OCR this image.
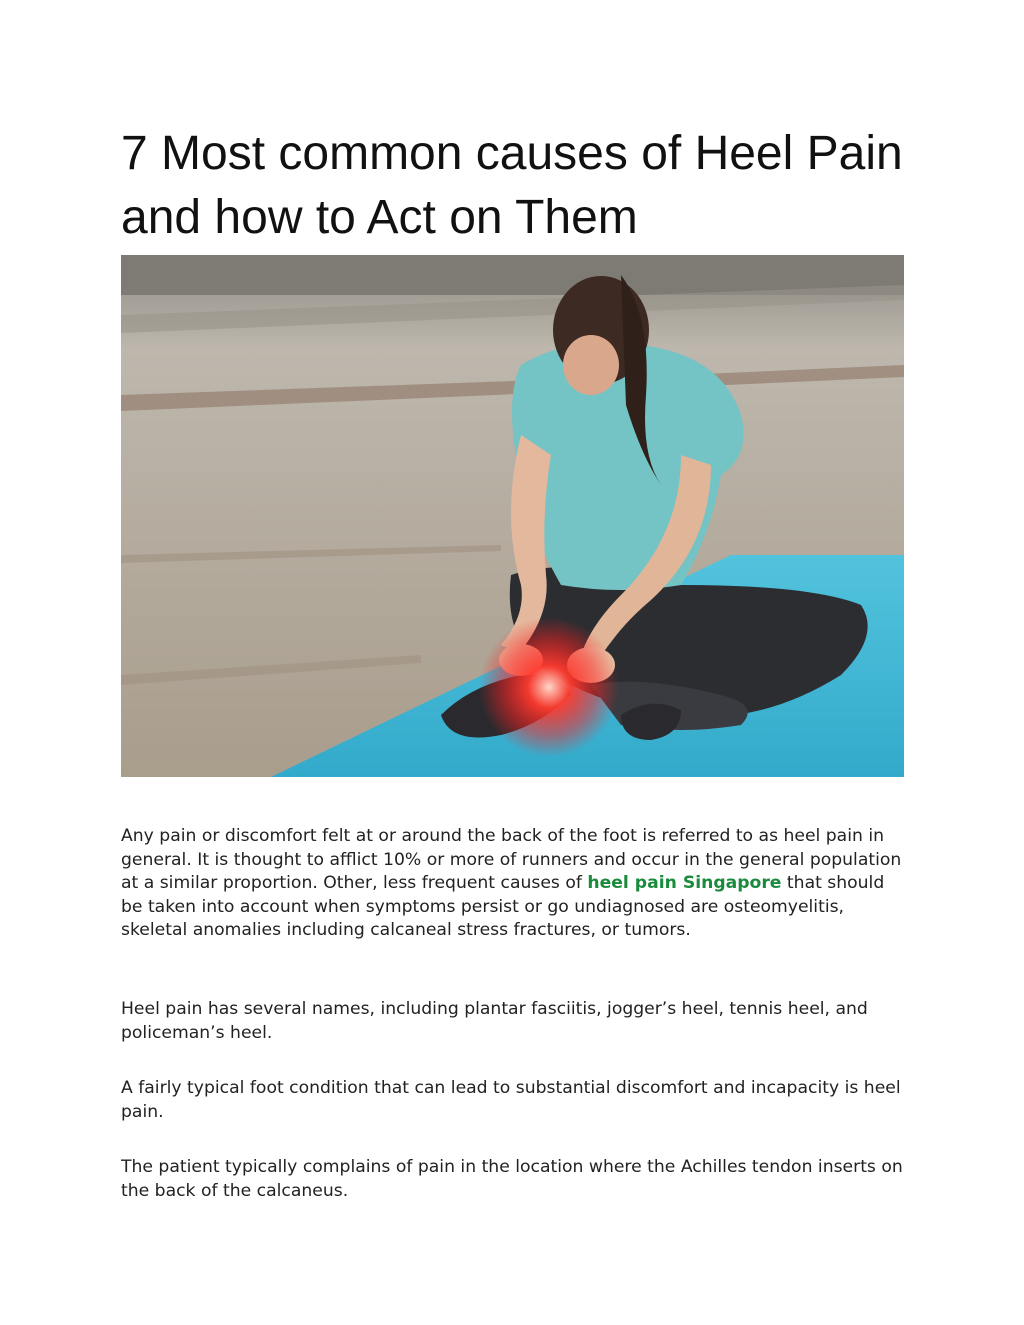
7 Most common causes of Heel Pain and how to Act on Them

Any pain or discomfort felt at or around the back of the foot is referred to as heel pain in general. It is thought to afflict 10% or more of runners and occur in the general population at a similar proportion. Other, less frequent causes of heel pain Singapore that should be taken into account when symptoms persist or go undiagnosed are osteomyelitis, skeletal anomalies including calcaneal stress fractures, or tumors.

Heel pain has several names, including plantar fasciitis, jogger’s heel, tennis heel, and policeman’s heel.

A fairly typical foot condition that can lead to substantial discomfort and incapacity is heel pain.

The patient typically complains of pain in the location where the Achilles tendon inserts on the back of the calcaneus.
